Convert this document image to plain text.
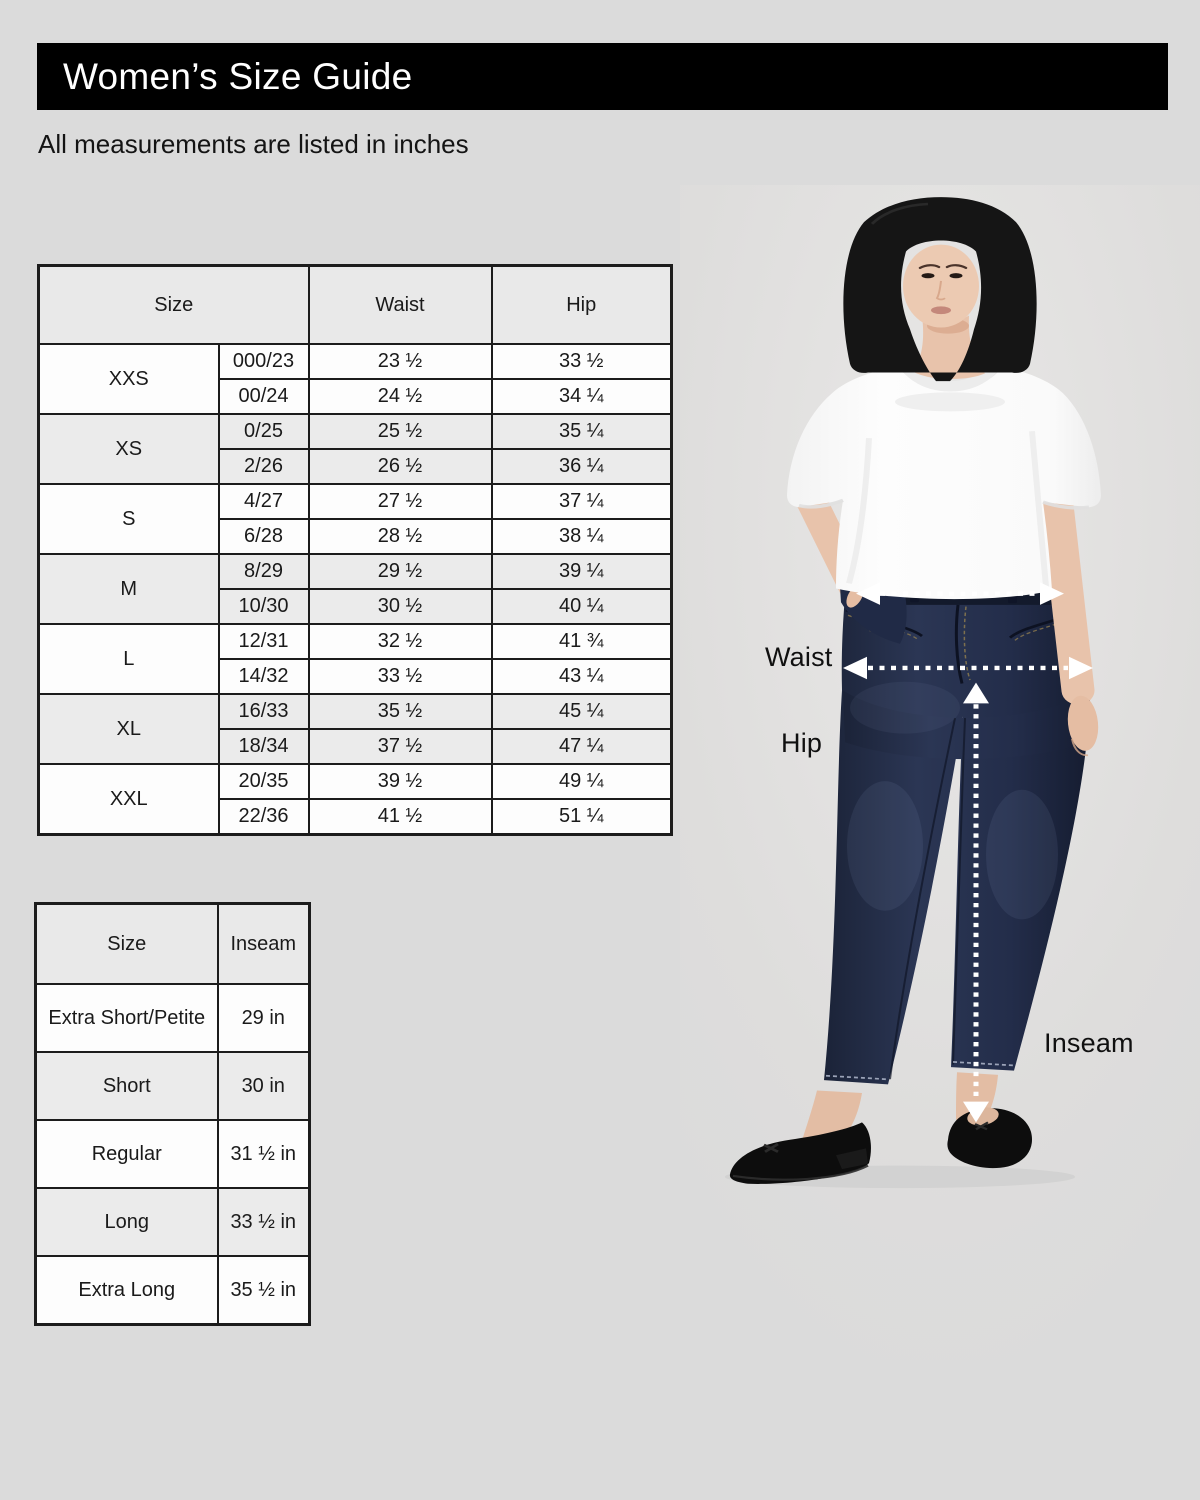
Women’s Size Guide
All measurements are listed in inches
Size		Waist	Hip
XXS	000/23	23 ½	33 ½
	00/24	24 ½	34 ¼
XS	0/25	25 ½	35 ¼
	2/26	26 ½	36 ¼
S	4/27	27 ½	37 ¼
	6/28	28 ½	38 ¼
M	8/29	29 ½	39 ¼
	10/30	30 ½	40 ¼
L	12/31	32 ½	41 ¾
	14/32	33 ½	43 ¼
XL	16/33	35 ½	45 ¼
	18/34	37 ½	47 ¼
XXL	20/35	39 ½	49 ¼
	22/36	41 ½	51 ¼
Size	Inseam
Extra Short/Petite	29 in
Short	30 in
Regular	31 ½ in
Long	33 ½ in
Extra Long	35 ½ in
Waist
Hip
Inseam
